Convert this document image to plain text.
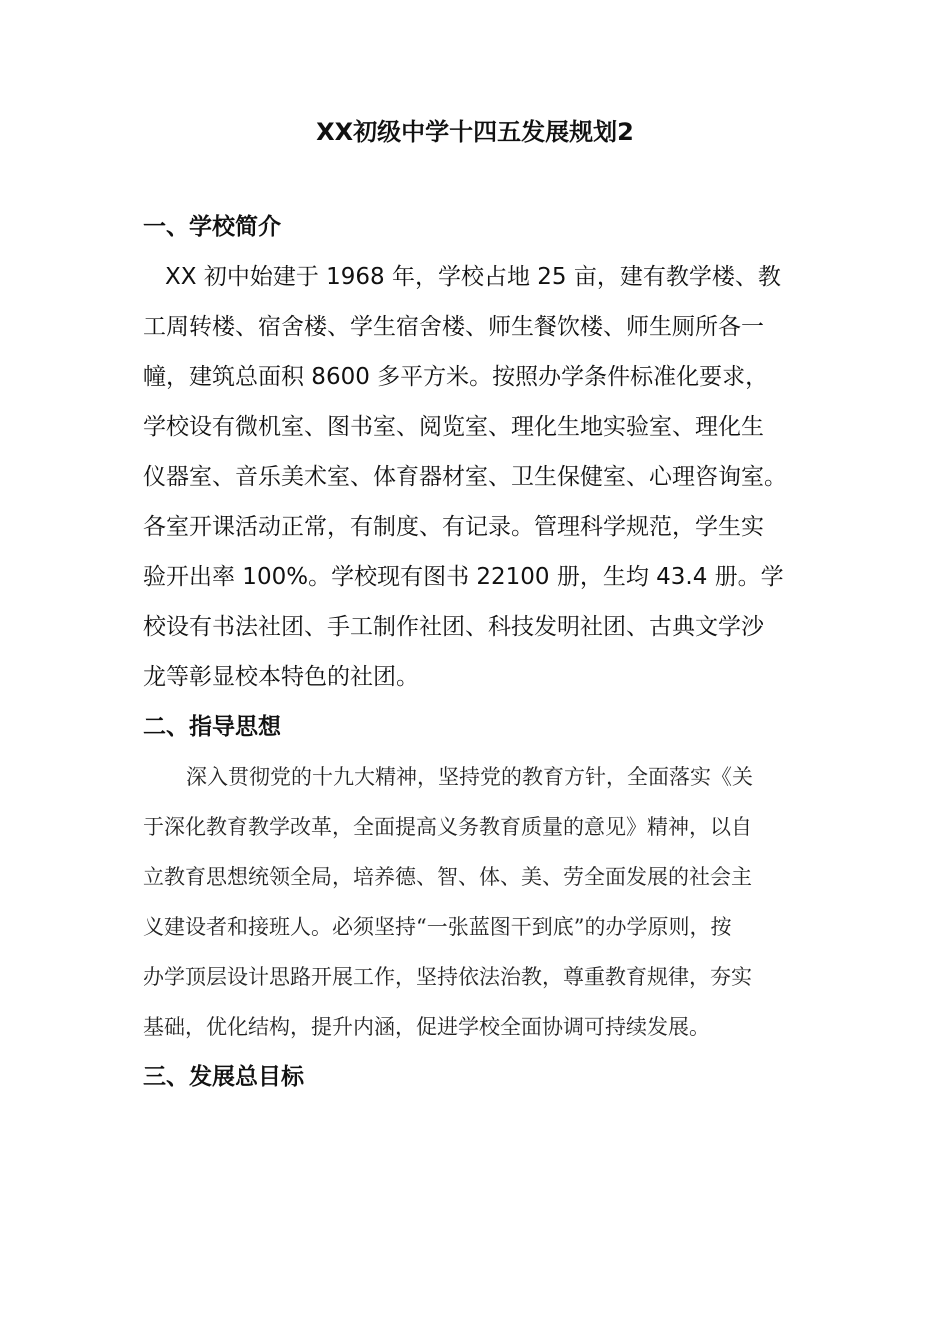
XX初级中学十四五发展规划2
一、学校简介
XX 初中始建于 1968 年，学校占地 25 亩，建有教学楼、教
工周转楼、宿舍楼、学生宿舍楼、师生餐饮楼、师生厕所各一
幢，建筑总面积 8600 多平方米。按照办学条件标准化要求，
学校设有微机室、图书室、阅览室、理化生地实验室、理化生
仪器室、音乐美术室、体育器材室、卫生保健室、心理咨询室。
各室开课活动正常，有制度、有记录。管理科学规范，学生实
验开出率 100%。学校现有图书 22100 册，生均 43.4 册。学
校设有书法社团、手工制作社团、科技发明社团、古典文学沙
龙等彰显校本特色的社团。
二、指导思想
深入贯彻党的十九大精神，坚持党的教育方针，全面落实《关
于深化教育教学改革，全面提高义务教育质量的意见》精神，以自
立教育思想统领全局，培养德、智、体、美、劳全面发展的社会主
义建设者和接班人。必须坚持“一张蓝图干到底”的办学原则，按
办学顶层设计思路开展工作，坚持依法治教，尊重教育规律，夯实
基础，优化结构，提升内涵，促进学校全面协调可持续发展。
三、发展总目标
